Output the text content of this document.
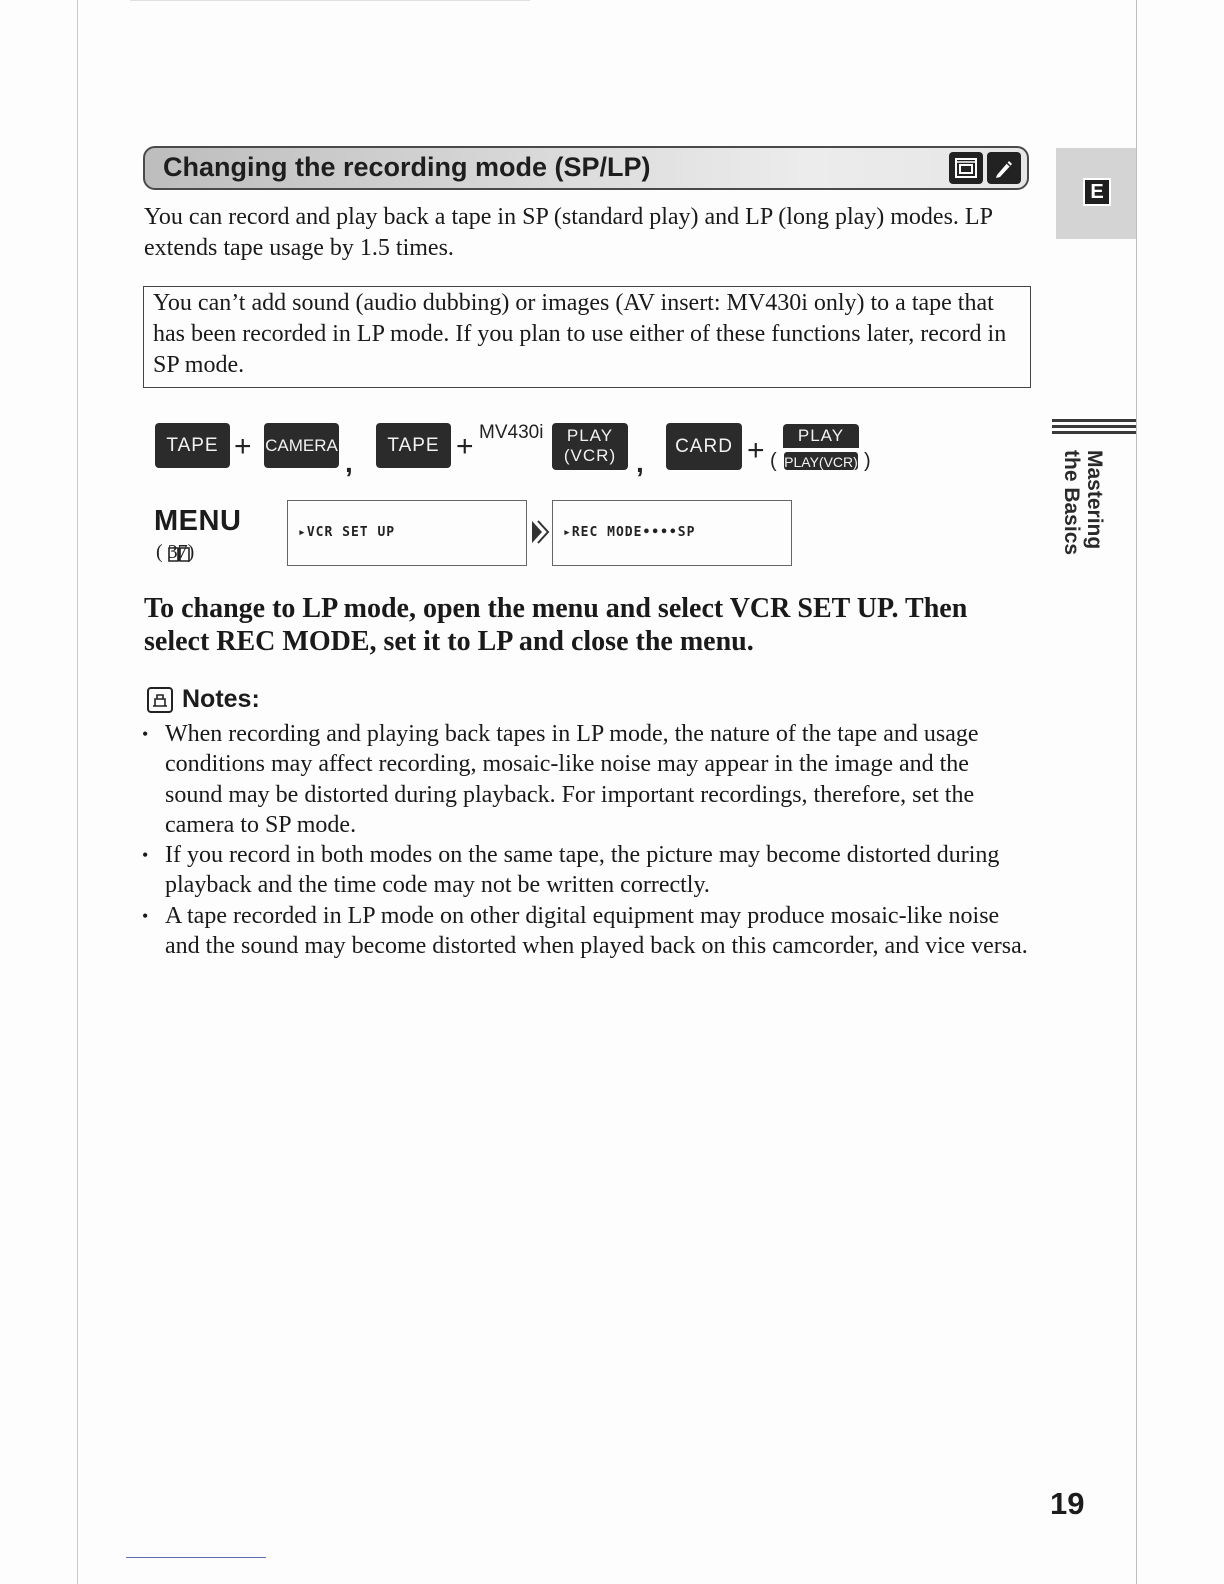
Changing the recording mode (SP/LP)
E
Mastering
the Basics
You can record and play back a tape in SP (standard play) and LP (long play) modes. LP extends tape usage by 1.5 times.
You can’t add sound (audio dubbing) or images (AV insert: MV430i only) to a tape that has been recorded in LP mode. If you plan to use either of these functions later, record in SP mode.
TAPE + CAMERA
,
TAPE + MV430i	PLAY
(VCR) ,
CARD + (
PLAY
PLAY(VCR) )
MENU
( 37)
▸VCR SET UP	▸REC MODE••••SP
To change to LP mode, open the menu and select VCR SET UP. Then select REC MODE, set it to LP and close the menu.
Notes:
• When recording and playing back tapes in LP mode, the nature of the tape and usage conditions may affect recording, mosaic-like noise may appear in the image and the sound may be distorted during playback. For important recordings, therefore, set the camera to SP mode.
• If you record in both modes on the same tape, the picture may become distorted during playback and the time code may not be written correctly.
• A tape recorded in LP mode on other digital equipment may produce mosaic-like noise and the sound may become distorted when played back on this camcorder, and vice versa.
19
